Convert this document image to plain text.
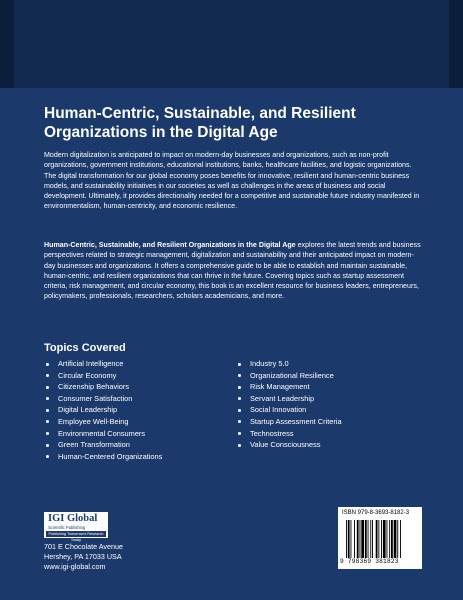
Human-Centric, Sustainable, and Resilient
Organizations in the Digital Age

Modern digitalization is anticipated to impact on modern-day businesses and organizations, such as non-profit organizations, government institutions, educational institutions, banks, healthcare facilities, and logistic organizations. The digital transformation for our global economy poses benefits for innovative, resilient and human-centric business models, and sustainability initiatives in our societies as well as challenges in the areas of business and social development. Ultimately, it provides directionality needed for a competitive and sustainable future industry manifested in environmentalism, human-centricity, and economic resilience.

Human-Centric, Sustainable, and Resilient Organizations in the Digital Age explores the latest trends and business perspectives related to strategic management, digitalization and sustainability and their anticipated impact on modern-day businesses and organizations. It offers a comprehensive guide to be able to establish and maintain sustainable, human-centric, and resilient organizations that can thrive in the future. Covering topics such as startup assessment criteria, risk management, and circular economy, this book is an excellent resource for business leaders, entrepreneurs, policymakers, professionals, researchers, scholars academicians, and more.

Topics Covered
Artificial Intelligence
Circular Economy
Citizenship Behaviors
Consumer Satisfaction
Digital Leadership
Employee Well-Being
Environmental Consumers
Green Transformation
Human-Centered Organizations
Industry 5.0
Organizational Resilience
Risk Management
Servant Leadership
Social Innovation
Startup Assessment Criteria
Technostress
Value Consciousness
IGI Global
Scientific Publishing
Publishing Tomorrow's Research Today

701 E Chocolate Avenue
Hershey, PA 17033 USA
www.igi-global.com

ISBN 979-8-3693-8182-3
9 798369 381823
